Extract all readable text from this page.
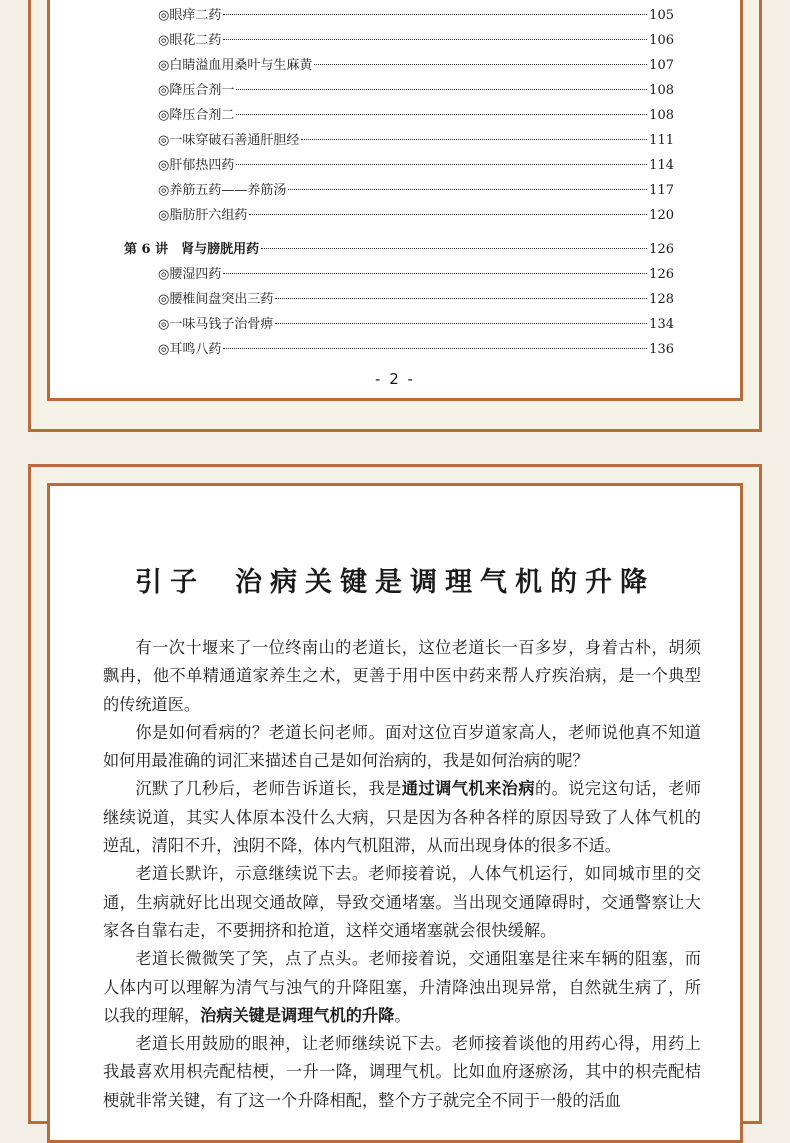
◎眼痒二药	105
◎眼花二药	106
◎白睛溢血用桑叶与生麻黄	107
◎降压合剂一	108
◎降压合剂二	108
◎一味穿破石善通肝胆经	111
◎肝郁热四药	114
◎养筋五药——养筋汤	117
◎脂肪肝六组药	120
第 6 讲　肾与膀胱用药	126
◎腰湿四药	126
◎腰椎间盘突出三药	128
◎一味马钱子治骨痹	134
◎耳鸣八药	136
- 2 -
引子 治病关键是调理气机的升降

有一次十堰来了一位终南山的老道长，这位老道长一百多岁，身着古朴，胡须飘冉，他不单精通道家养生之术，更善于用中医中药来帮人疗疾治病，是一个典型的传统道医。

你是如何看病的？老道长问老师。面对这位百岁道家高人，老师说他真不知道如何用最准确的词汇来描述自己是如何治病的，我是如何治病的呢？

沉默了几秒后，老师告诉道长，我是通过调气机来治病的。说完这句话，老师继续说道，其实人体原本没什么大病，只是因为各种各样的原因导致了人体气机的逆乱，清阳不升，浊阴不降，体内气机阻滞，从而出现身体的很多不适。

老道长默许，示意继续说下去。老师接着说，人体气机运行，如同城市里的交通，生病就好比出现交通故障，导致交通堵塞。当出现交通障碍时，交通警察让大家各自靠右走，不要拥挤和抢道，这样交通堵塞就会很快缓解。

老道长微微笑了笑，点了点头。老师接着说，交通阻塞是往来车辆的阻塞，而人体内可以理解为清气与浊气的升降阻塞，升清降浊出现异常，自然就生病了，所以我的理解，治病关键是调理气机的升降。

老道长用鼓励的眼神，让老师继续说下去。老师接着谈他的用药心得，用药上我最喜欢用枳壳配桔梗，一升一降，调理气机。比如血府逐瘀汤，其中的枳壳配桔梗就非常关键，有了这一个升降相配，整个方子就完全不同于一般的活血
